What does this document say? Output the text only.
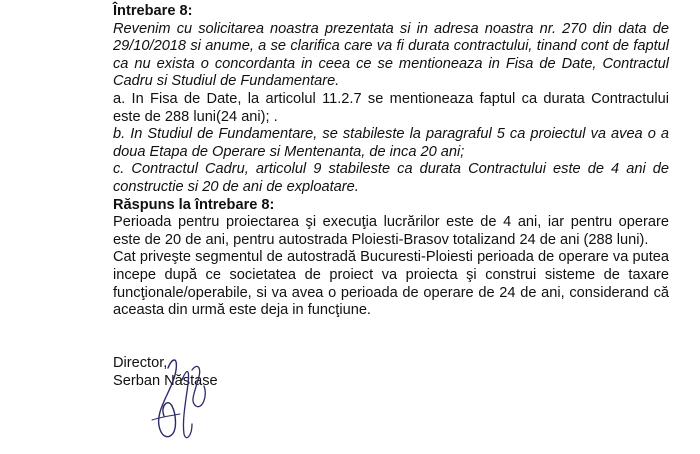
Întrebare 8:

Revenim cu solicitarea noastra prezentata si in adresa noastra nr. 270 din data de 29/10/2018 si anume, a se clarifica care va fi durata contractului, tinand cont de faptul ca nu exista o concordanta in ceea ce se mentioneaza in Fisa de Date, Contractul Cadru si Studiul de Fundamentare.

a. In Fisa de Date, la articolul 11.2.7 se mentioneaza faptul ca durata Contractului este de 288 luni(24 ani); .

b. In Studiul de Fundamentare, se stabileste la paragraful 5 ca proiectul va avea o a doua Etapa de Operare si Mentenanta, de inca 20 ani;

c. Contractul Cadru, articolul 9 stabileste ca durata Contractului este de 4 ani de constructie si 20 de ani de exploatare.

Răspuns la întrebare 8:

Perioada pentru proiectarea şi execuţia lucrărilor este de 4 ani, iar pentru operare este de 20 de ani, pentru autostrada Ploiesti-Brasov totalizand 24 de ani (288 luni).

Cat priveşte segmentul de autostradă Bucuresti-Ploiesti perioada de operare va putea incepe după ce societatea de proiect va proiecta şi construi sisteme de taxare funcţionale/operabile, si va avea o perioada de operare de 24 de ani, considerand că aceasta din urmă este deja in funcţiune.

Director,
Serban Năstase
